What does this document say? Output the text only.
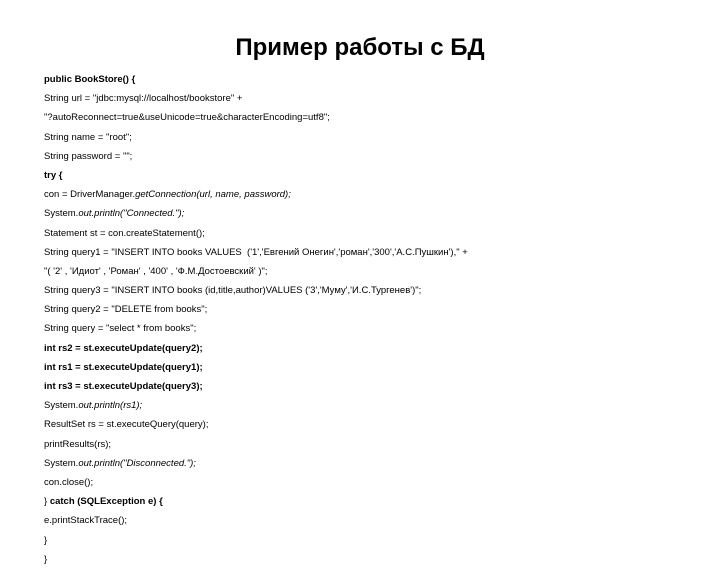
Пример работы с БД
public BookStore() {
String url = "jdbc:mysql://localhost/bookstore" +
"?autoReconnect=true&useUnicode=true&characterEncoding=utf8";
String name = "root";
String password = "";
try {
con = DriverManager.getConnection(url, name, password);
System.out.println("Connected.");
Statement st = con.createStatement();
String query1 = "INSERT INTO books VALUES  ('1','Евгений Онегин','роман','300','А.С.Пушкин')," +
"( '2' , 'Идиот' , 'Роман' , '400' , 'Ф.М.Достоевский' )";
String query3 = "INSERT INTO books (id,title,author)VALUES ('3','Муму','И.С.Тургенев')";
String query2 = "DELETE from books";
String query = "select * from books";
int rs2 = st.executeUpdate(query2);
int rs1 = st.executeUpdate(query1);
int rs3 = st.executeUpdate(query3);
System.out.println(rs1);
ResultSet rs = st.executeQuery(query);
printResults(rs);
System.out.println("Disconnected.");
con.close();
} catch (SQLException e) {
e.printStackTrace();
}
}
